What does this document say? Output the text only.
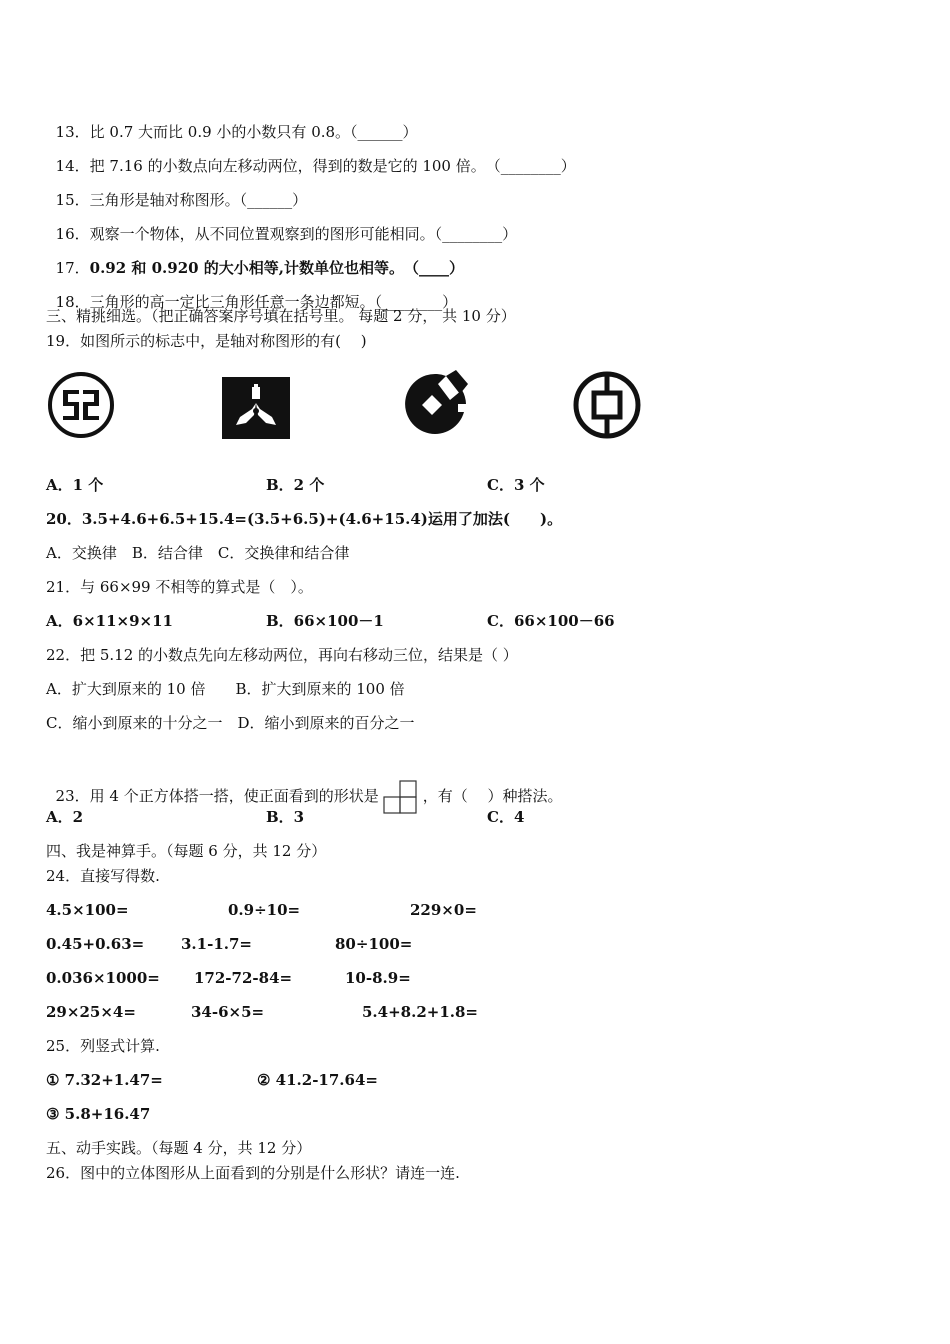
13．比 0.7 大而比 0.9 小的小数只有 0.8。（______）

14．把 7.16 的小数点向左移动两位，得到的数是它的 100 倍。　（________）

15．三角形是轴对称图形。（______）

16．观察一个物体，从不同位置观察到的图形可能相同。（________）

17．0.92 和 0.920 的大小相等,计数单位也相等。　（____）

18．三角形的高一定比三角形任意一条边都短。（________）

三、精挑细选。（把正确答案序号填在括号里。 每题 2 分， 共 10 分）
19．如图所示的标志中，是轴对称图形的有(　 )
A．1 个	B．2 个	C．3 个
20．3.5+4.6+6.5+15.4=(3.5+6.5)+(4.6+15.4)运用了加法(　　)。
A．交换律　B．结合律　C．交换律和结合律
21．与 66×99 不相等的算式是（　）。
A．6×11×9×11	B．66×100－1	C．66×100－66
22．把 5.12 的小数点先向左移动两位，再向右移动三位，结果是（ ）
A．扩大到原来的 10 倍　　B．扩大到原来的 100 倍
C．缩小到原来的十分之一　D．缩小到原来的百分之一

23．用 4 个正方体搭一搭，使正面看到的形状是	，有（　 ）种搭法。

A．2	B．3	C．4
四、我是神算手。（每题 6 分，共 12 分）
24．直接写得数.
4.5×100=	0.9÷10=	229×0=
0.45+0.63= 3.1-1.7=	80÷100=
0.036×1000= 172-72-84=	10-8.9=
29×25×4=	34-6×5=	5.4+8.2+1.8=
25．列竖式计算.
① 7.32+1.47=	② 41.2-17.64=
③ 5.8+16.47
五、动手实践。（每题 4 分，共 12 分）
26．图中的立体图形从上面看到的分别是什么形状？请连一连.
